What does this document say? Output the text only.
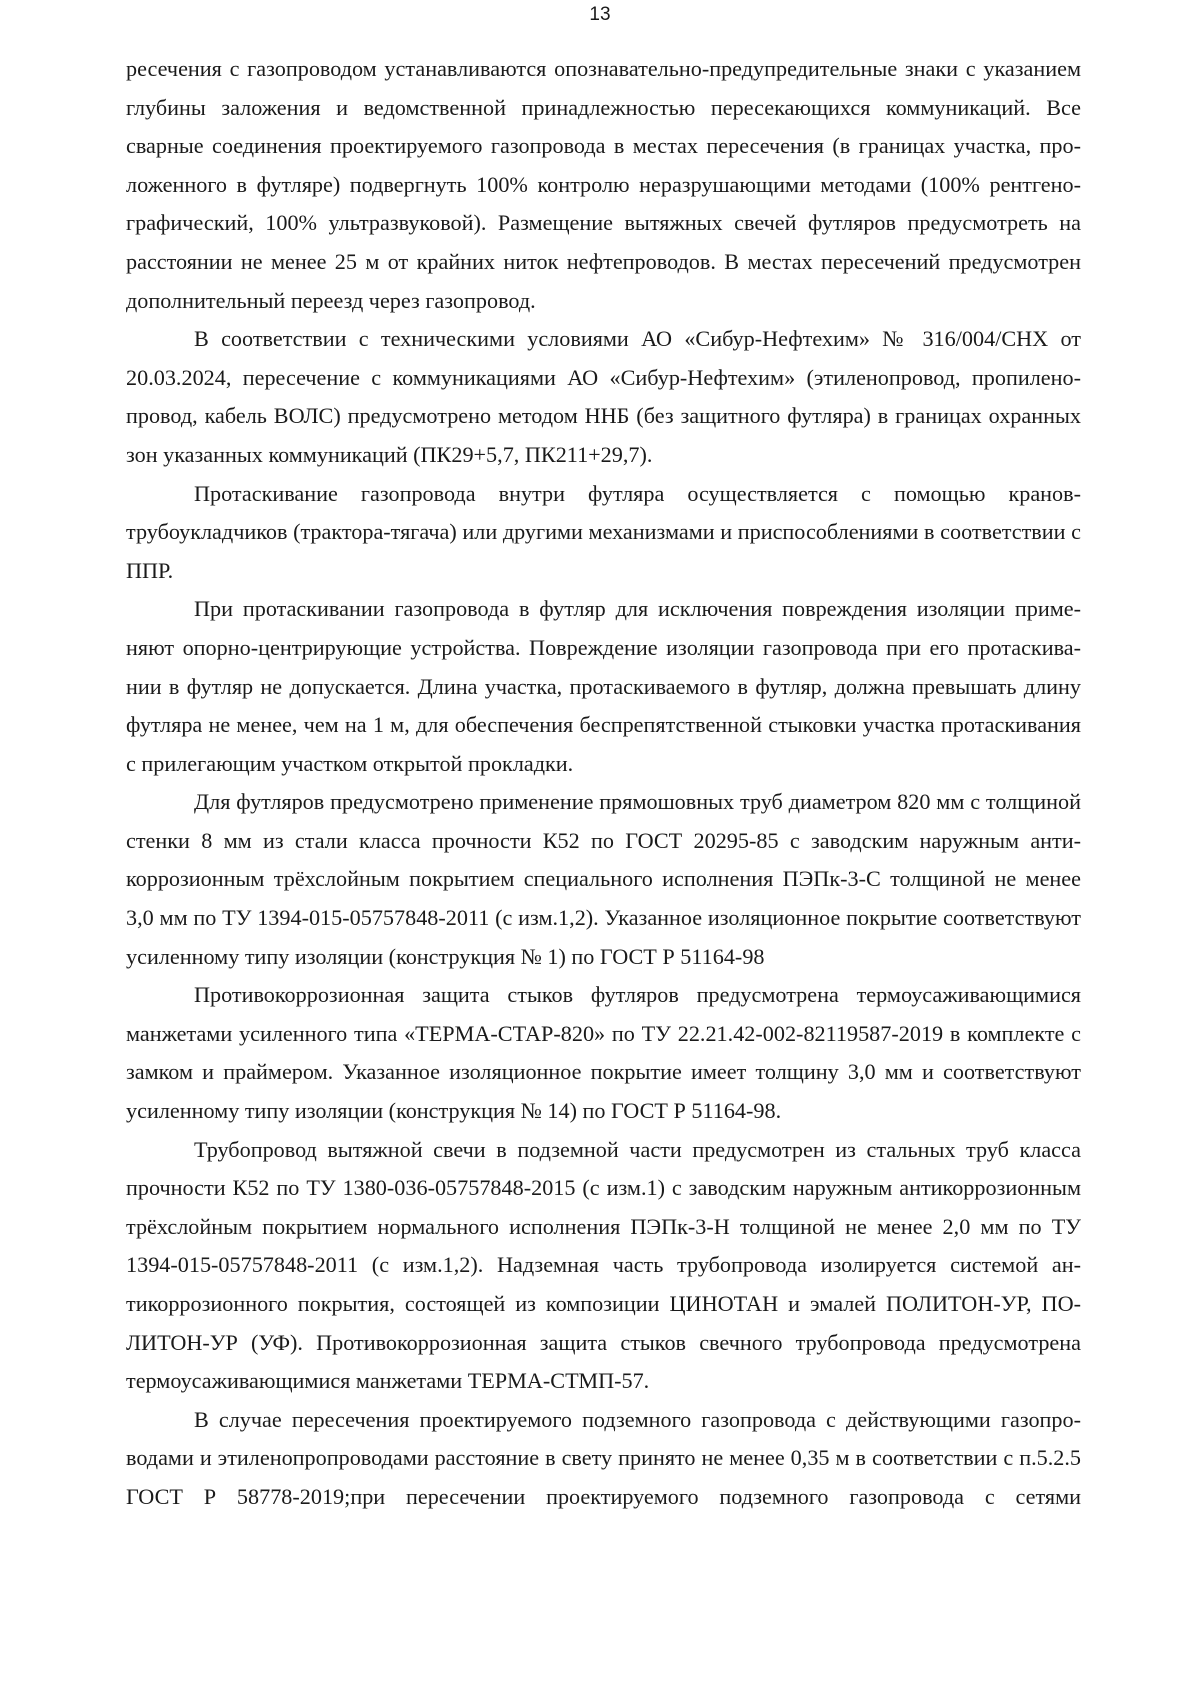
13

ресечения с газопроводом устанавливаются опознавательно-предупредительные знаки с указанием глубины заложения и ведомственной принадлежностью пересекающихся коммуникаций. Все сварные соединения проектируемого газопровода в местах пересечения (в границах участка, проложенного в футляре) подвергнуть 100% контролю неразрушающими методами (100% рентгенографический, 100% ультразвуковой). Размещение вытяжных свечей футляров предусмотреть на расстоянии не менее 25 м от крайних ниток нефтепроводов. В местах пересечений предусмотрен дополнительный переезд через газопровод.

В соответствии с техническими условиями АО «Сибур-Нефтехим» № 316/004/СНХ от 20.03.2024, пересечение с коммуникациями АО «Сибур-Нефтехим» (этиленопровод, пропиленопровод, кабель ВОЛС) предусмотрено методом ННБ (без защитного футляра) в границах охранных зон указанных коммуникаций (ПК29+5,7, ПК211+29,7).

Протаскивание газопровода внутри футляра осуществляется с помощью кранов-трубоукладчиков (трактора-тягача) или другими механизмами и приспособлениями в соответствии с ППР.

При протаскивании газопровода в футляр для исключения повреждения изоляции применяют опорно-центрирующие устройства. Повреждение изоляции газопровода при его протаскивании в футляр не допускается. Длина участка, протаскиваемого в футляр, должна превышать длину футляра не менее, чем на 1 м, для обеспечения беспрепятственной стыковки участка протаскивания с прилегающим участком открытой прокладки.

Для футляров предусмотрено применение прямошовных труб диаметром 820 мм с толщиной стенки 8 мм из стали класса прочности К52 по ГОСТ 20295-85 с заводским наружным антикоррозионным трёхслойным покрытием специального исполнения ПЭПк-3-С толщиной не менее 3,0 мм по ТУ 1394-015-05757848-2011 (с изм.1,2). Указанное изоляционное покрытие соответствуют усиленному типу изоляции (конструкция № 1) по ГОСТ Р 51164-98

Противокоррозионная защита стыков футляров предусмотрена термоусаживающимися манжетами усиленного типа «ТЕРМА-СТАР-820» по ТУ 22.21.42-002-82119587-2019 в комплекте с замком и праймером. Указанное изоляционное покрытие имеет толщину 3,0 мм и соответствуют усиленному типу изоляции (конструкция № 14) по ГОСТ Р 51164-98.

Трубопровод вытяжной свечи в подземной части предусмотрен из стальных труб класса прочности К52 по ТУ 1380-036-05757848-2015 (с изм.1) с заводским наружным антикоррозионным трёхслойным покрытием нормального исполнения ПЭПк-3-Н толщиной не менее 2,0 мм по ТУ 1394-015-05757848-2011 (с изм.1,2). Надземная часть трубопровода изолируется системой антикоррозионного покрытия, состоящей из композиции ЦИНОТАН и эмалей ПОЛИТОН-УР, ПОЛИТОН-УР (УФ). Противокоррозионная защита стыков свечного трубопровода предусмотрена термоусаживающимися манжетами ТЕРМА-СТМП-57.

В случае пересечения проектируемого подземного газопровода с действующими газопроводами и этиленопропроводами расстояние в свету принято не менее 0,35 м в соответствии с п.5.2.5 ГОСТ Р 58778-2019;при пересечении проектируемого подземного газопровода с сетями
